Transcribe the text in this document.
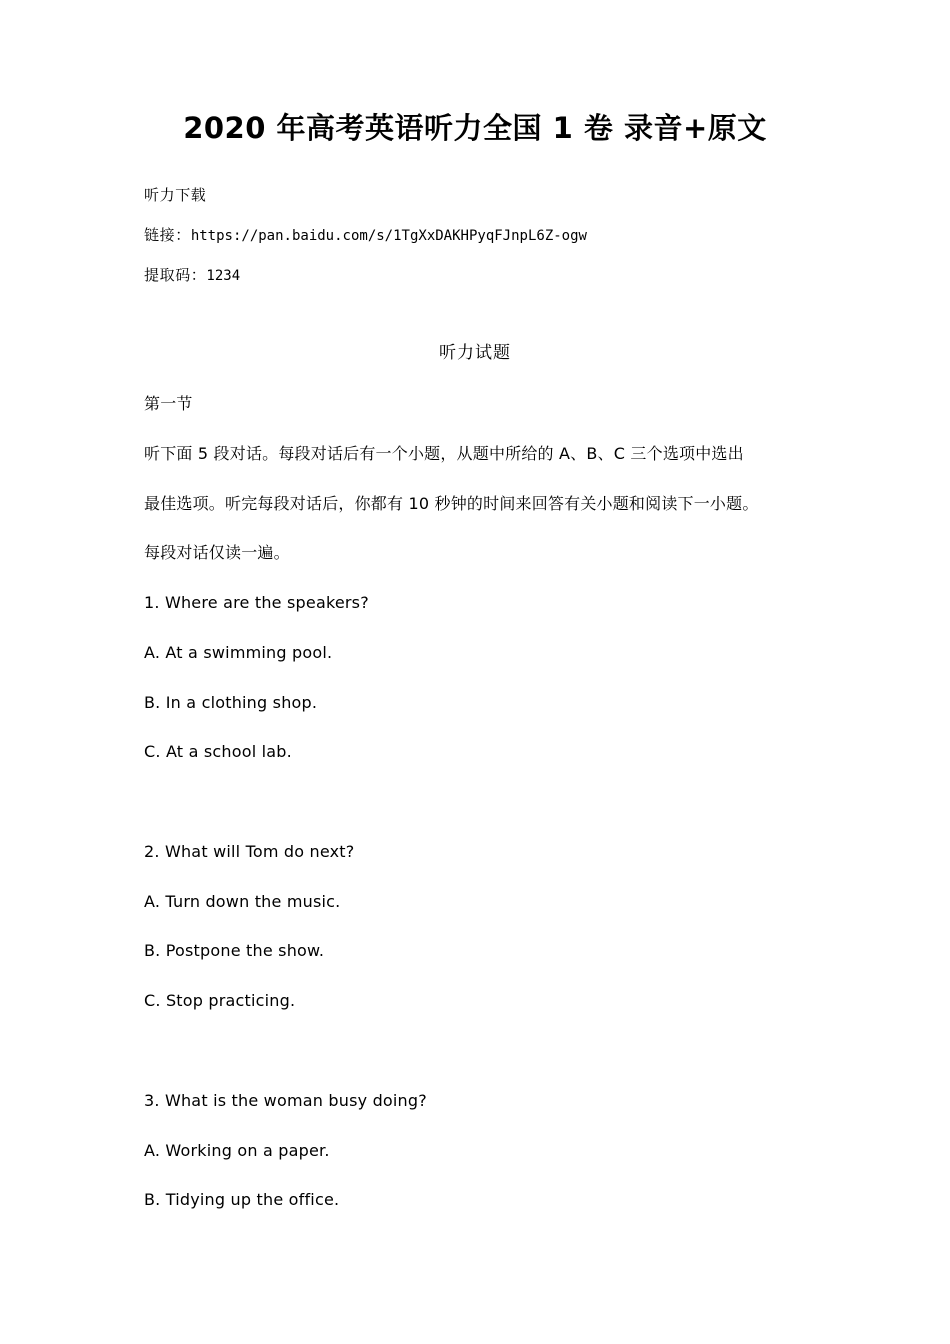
2020 年高考英语听力全国 1 卷 录音+原文
听力下载
链接：https://pan.baidu.com/s/1TgXxDAKHPyqFJnpL6Z-ogw
提取码：1234
听力试题
第一节
听下面 5 段对话。每段对话后有一个小题，从题中所给的 A、B、C 三个选项中选出
最佳选项。听完每段对话后，你都有 10 秒钟的时间来回答有关小题和阅读下一小题。
每段对话仅读一遍。
1. Where are the speakers?
A. At a swimming pool.
B. In a clothing shop.
C. At a school lab.
2. What will Tom do next?
A. Turn down the music.
B. Postpone the show.
C. Stop practicing.
3. What is the woman busy doing?
A. Working on a paper.
B. Tidying up the office.
